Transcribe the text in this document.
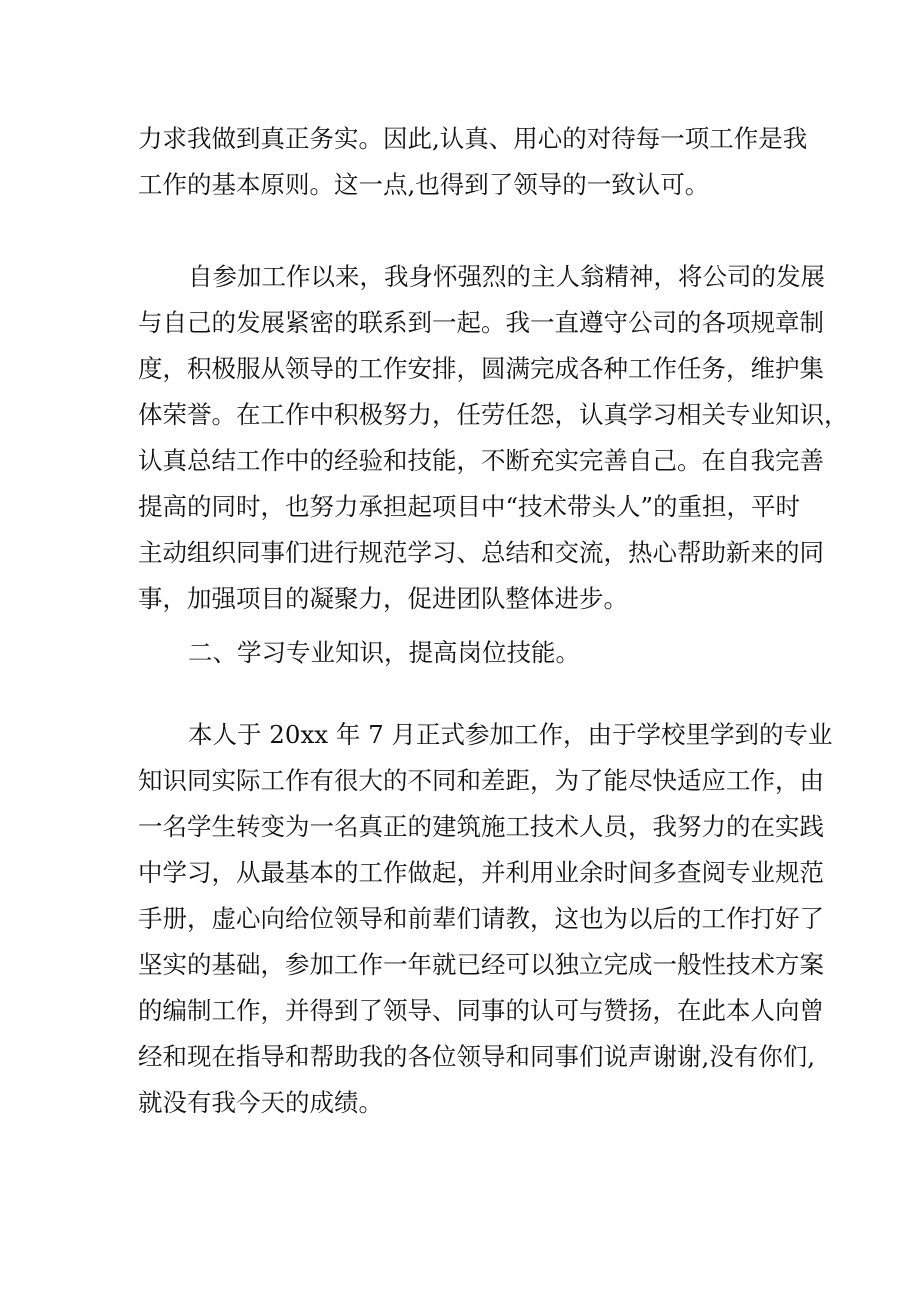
力求我做到真正务实。因此,认真、用心的对待每一项工作是我
工作的基本原则。这一点,也得到了领导的一致认可。
自参加工作以来，我身怀强烈的主人翁精神，将公司的发展
与自己的发展紧密的联系到一起。我一直遵守公司的各项规章制
度，积极服从领导的工作安排，圆满完成各种工作任务，维护集
体荣誉。在工作中积极努力，任劳任怨，认真学习相关专业知识，
认真总结工作中的经验和技能，不断充实完善自己。在自我完善
提高的同时，也努力承担起项目中“技术带头人”的重担，平时
主动组织同事们进行规范学习、总结和交流，热心帮助新来的同
事，加强项目的凝聚力，促进团队整体进步。
二、学习专业知识，提高岗位技能。
本人于 20xx 年 7 月正式参加工作，由于学校里学到的专业
知识同实际工作有很大的不同和差距，为了能尽快适应工作，由
一名学生转变为一名真正的建筑施工技术人员，我努力的在实践
中学习，从最基本的工作做起，并利用业余时间多查阅专业规范
手册，虚心向给位领导和前辈们请教，这也为以后的工作打好了
坚实的基础，参加工作一年就已经可以独立完成一般性技术方案
的编制工作，并得到了领导、同事的认可与赞扬，在此本人向曾
经和现在指导和帮助我的各位领导和同事们说声谢谢,没有你们,
就没有我今天的成绩。
